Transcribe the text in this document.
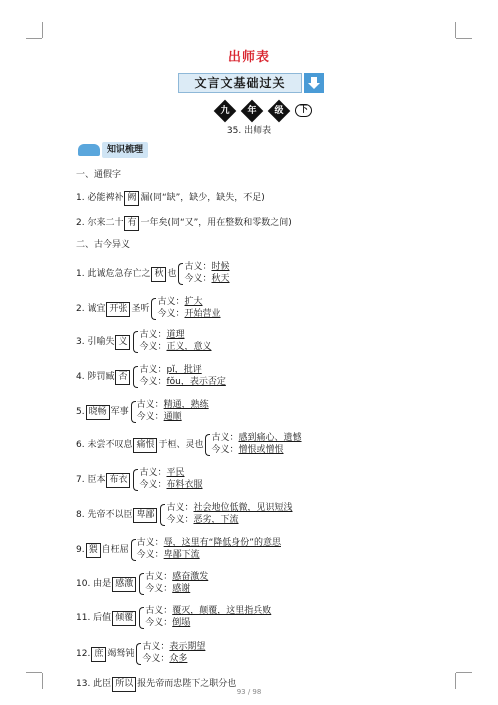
出师表
文言文基础过关
九
	年
	级	下
35. 出师表
知识梳理
一、通假字
1. 必能裨补 阙 漏(同“缺”，缺少，缺失，不足)
2. 尔来二十 有 一年矣(同“又”，用在整数和零数之间)
二、古今异义
1. 此诚危急存亡之 秋 也
古义：时候
今义：秋天
2. 诚宜 开张 圣听
古义：扩大
今义：开始营业
3. 引喻失 义
古义：道理
今义：正义，意义
4. 陟罚臧 否
古义：pǐ，批评
今义：fǒu，表示否定
5. 晓畅 军事
古义：精通，熟练
今义：通顺
6. 未尝不叹息 痛恨 于桓、灵也
古义：感到痛心、遗憾
今义：憎恨或憎恨
7. 臣本 布衣
古义：平民
今义：布料衣服
8. 先帝不以臣 卑鄙
古义：社会地位低微，见识短浅
今义：恶劣，下流
9. 猥 自枉屈
古义：辱，这里有“降低身份”的意思
今义：卑鄙下流
10. 由是 感激
古义：感奋激发
今义：感谢
11. 后值 倾覆
古义：覆灭，颠覆，这里指兵败
今义：倒塌
12. 庶 竭驽钝
古义：表示期望
今义：众多
13. 此臣 所以 报先帝而忠陛下之职分也
93 / 98
